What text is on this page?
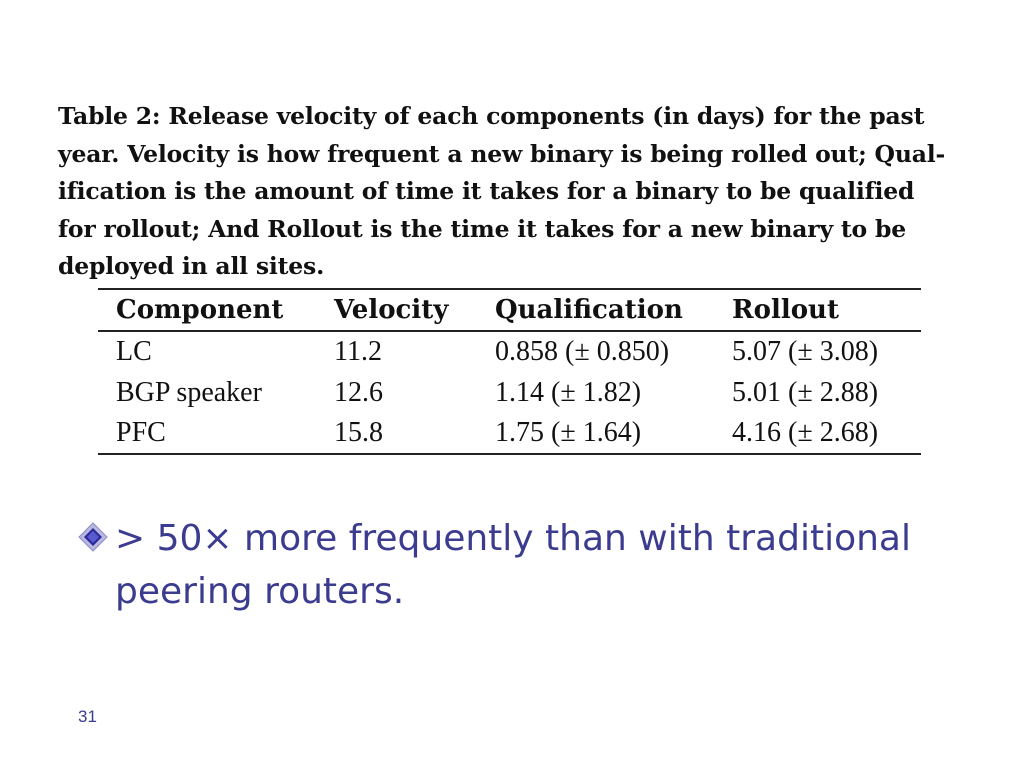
Table 2: Release velocity of each components (in days) for the past
year. Velocity is how frequent a new binary is being rolled out; Qual-
ification is the amount of time it takes for a binary to be qualified
for rollout; And Rollout is the time it takes for a new binary to be
deployed in all sites.
Component	Velocity	Qualification	Rollout
LC	11.2	0.858 (± 0.850)	5.07 (± 3.08)
BGP speaker	12.6	1.14 (± 1.82)	5.01 (± 2.88)
PFC	15.8	1.75 (± 1.64)	4.16 (± 2.68)
> 50× more frequently than with traditional
peering routers.
31
